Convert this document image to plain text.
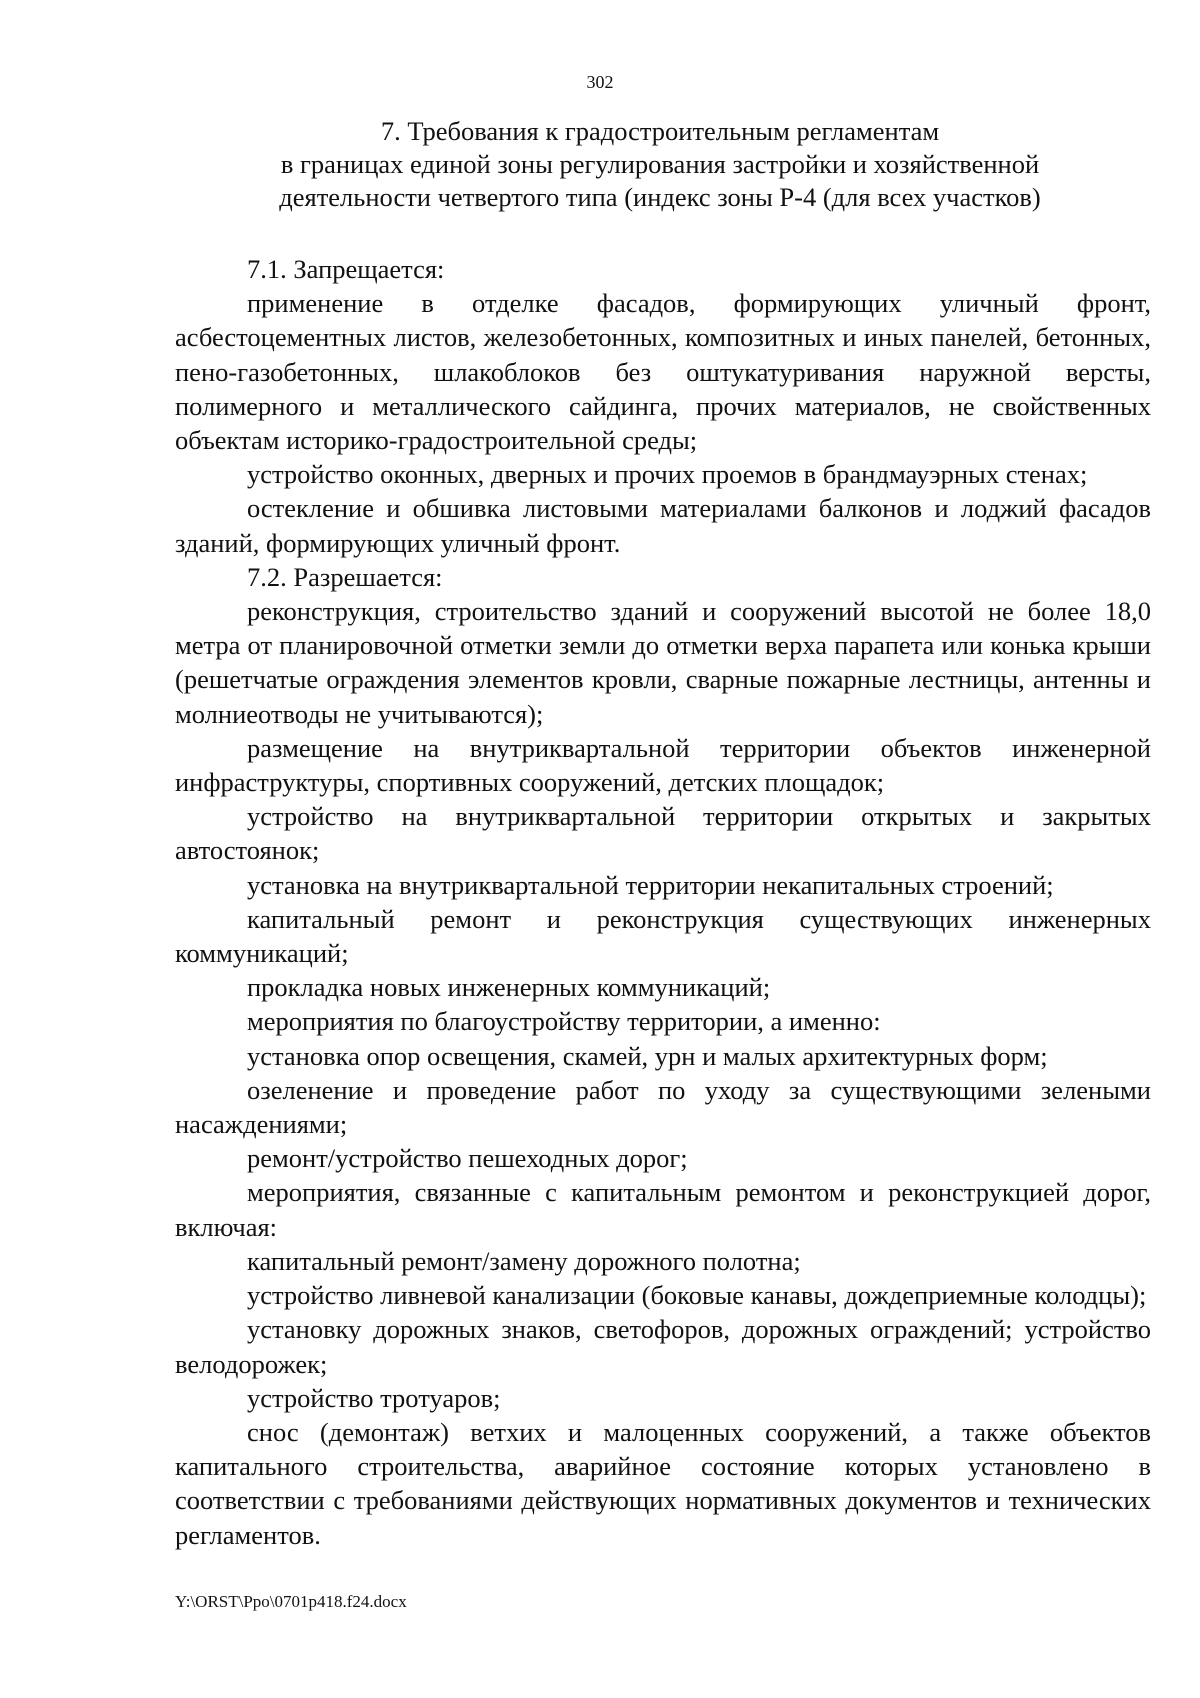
302
7. Требования к градостроительным регламентам
в границах единой зоны регулирования застройки и хозяйственной
деятельности четвертого типа (индекс зоны Р-4 (для всех участков)

7.1. Запрещается:

применение в отделке фасадов, формирующих уличный фронт, асбестоцементных листов, железобетонных, композитных и иных панелей, бетонных, пено-газобетонных, шлакоблоков без оштукатуривания наружной версты, полимерного и металлического сайдинга, прочих материалов, не свойственных объектам историко-градостроительной среды;

устройство оконных, дверных и прочих проемов в брандмауэрных стенах;

остекление и обшивка листовыми материалами балконов и лоджий фасадов зданий, формирующих уличный фронт.

7.2. Разрешается:

реконструкция, строительство зданий и сооружений высотой не более 18,0 метра от планировочной отметки земли до отметки верха парапета или конька крыши (решетчатые ограждения элементов кровли, сварные пожарные лестницы, антенны и молниеотводы не учитываются);

размещение на внутриквартальной территории объектов инженерной инфраструктуры, спортивных сооружений, детских площадок;

устройство на внутриквартальной территории открытых и закрытых автостоянок;

установка на внутриквартальной территории некапитальных строений;

капитальный ремонт и реконструкция существующих инженерных коммуникаций;

прокладка новых инженерных коммуникаций;

мероприятия по благоустройству территории, а именно:

установка опор освещения, скамей, урн и малых архитектурных форм;

озеленение и проведение работ по уходу за существующими зелеными насаждениями;

ремонт/устройство пешеходных дорог;

мероприятия, связанные с капитальным ремонтом и реконструкцией дорог, включая:

капитальный ремонт/замену дорожного полотна;

устройство ливневой канализации (боковые канавы, дождеприемные колодцы);

установку дорожных знаков, светофоров, дорожных ограждений; устройство велодорожек;

устройство тротуаров;

снос (демонтаж) ветхих и малоценных сооружений, а также объектов капитального строительства, аварийное состояние которых установлено в соответствии с требованиями действующих нормативных документов и технических регламентов.

Y:\ORST\Ppo\0701p418.f24.docx
